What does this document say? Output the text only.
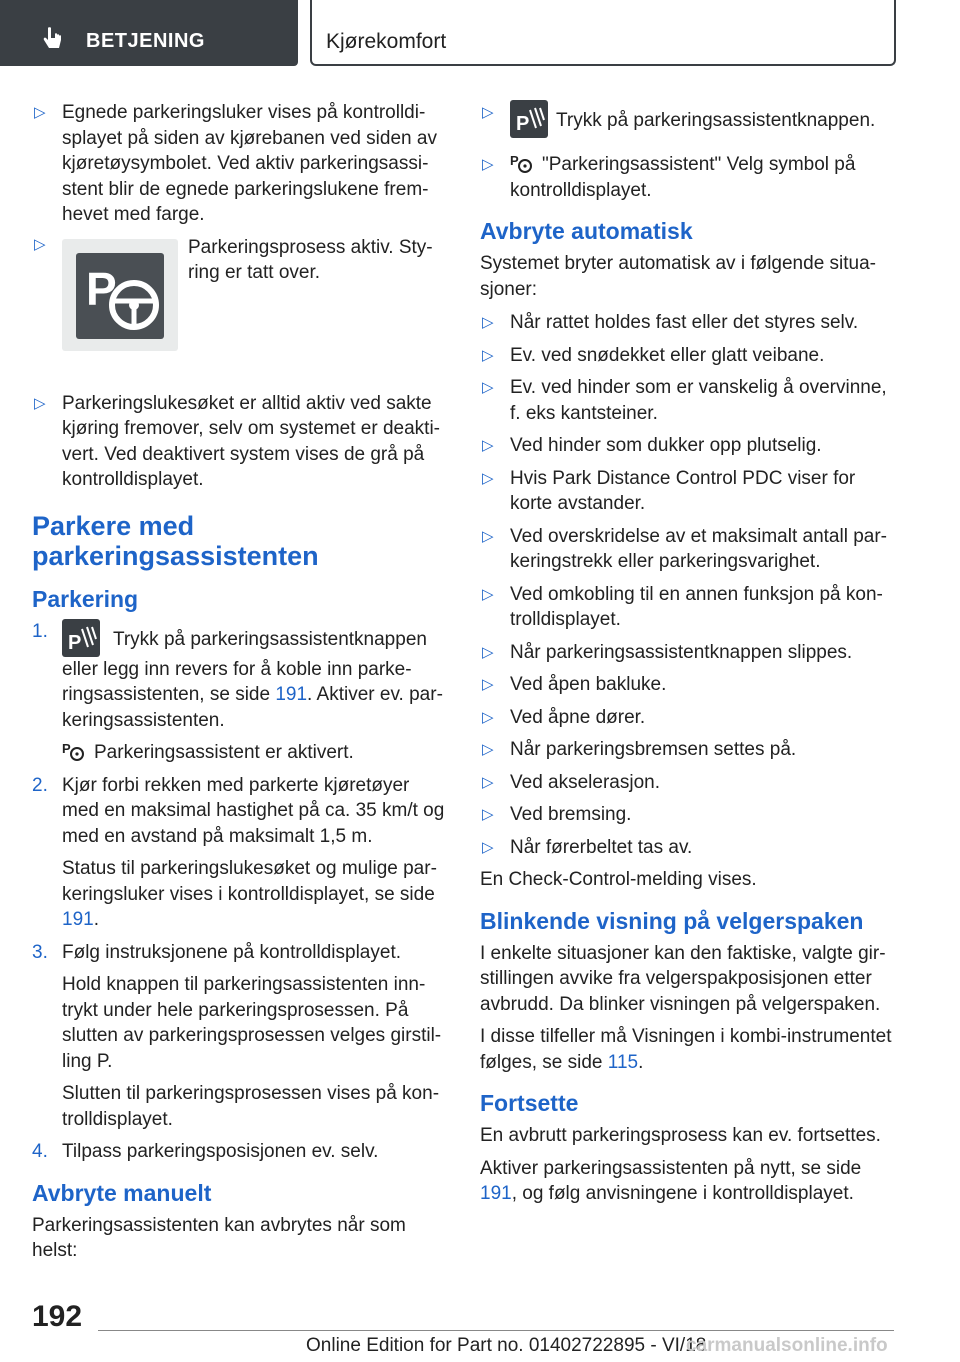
BETJENING	Kjørekomfort
▷ Egnede parkeringsluker vises på kontrolldisplayet på siden av kjørebanen ved siden av kjøretøysymbolet. Ved aktiv parkeringsassistent blir de egnede parkeringslukene fremhevet med farge.
▷
P
Parkeringsprosess aktiv. Styring er tatt over.
▷ Parkeringslukesøket er alltid aktiv ved sakte kjøring fremover, selv om systemet er deaktivert. Ved deaktivert system vises de grå på kontrolldisplayet.
Parkere med
parkeringsassistenten
Parkering
1.
P Trykk på parkeringsassistentknappen eller legg inn revers for å koble inn parkeringsassistenten, se side 191. Aktiver ev. parkeringsassistenten.
P Parkeringsassistent er aktivert.
2. Kjør forbi rekken med parkerte kjøretøyer med en maksimal hastighet på ca. 35 km/t og med en avstand på maksimalt 1,5 m.
Status til parkeringslukesøket og mulige parkeringsluker vises i kontrolldisplayet, se side 191.
3. Følg instruksjonene på kontrolldisplayet.
Hold knappen til parkeringsassistenten inntrykt under hele parkeringsprosessen. På slutten av parkeringsprosessen velges girstilling P.
Slutten til parkeringsprosessen vises på kontrolldisplayet.
4. Tilpass parkeringsposisjonen ev. selv.
Avbryte manuelt

Parkeringsassistenten kan avbrytes når som helst:

▷
P Trykk på parkeringsassistentknappen.
▷ P "Parkeringsassistent" Velg symbol på kontrolldisplayet.
Avbryte automatisk

Systemet bryter automatisk av i følgende situasjoner:

▷ Når rattet holdes fast eller det styres selv.
▷ Ev. ved snødekket eller glatt veibane.
▷ Ev. ved hinder som er vanskelig å overvinne, f. eks kantsteiner.
▷ Ved hinder som dukker opp plutselig.
▷ Hvis Park Distance Control PDC viser for korte avstander.
▷ Ved overskridelse av et maksimalt antall parkeringstrekk eller parkeringsvarighet.
▷ Ved omkobling til en annen funksjon på kontrolldisplayet.
▷ Når parkeringsassistentknappen slippes.
▷ Ved åpen bakluke.
▷ Ved åpne dører.
▷ Når parkeringsbremsen settes på.
▷ Ved akselerasjon.
▷ Ved bremsing.
▷ Når førerbeltet tas av.

En Check-Control-melding vises.

Blinkende visning på velgerspaken

I enkelte situasjoner kan den faktiske, valgte girstillingen avvike fra velgerspakposisjonen etter avbrudd. Da blinker visningen på velgerspaken.

I disse tilfeller må Visningen i kombi-instrumentet følges, se side 115.

Fortsette

En avbrutt parkeringsprosess kan ev. fortsettes.

Aktiver parkeringsassistenten på nytt, se side 191, og følg anvisningene i kontrolldisplayet.

192
Online Edition for Part no. 01402722895 - VI/18
carmanualsonline.info
